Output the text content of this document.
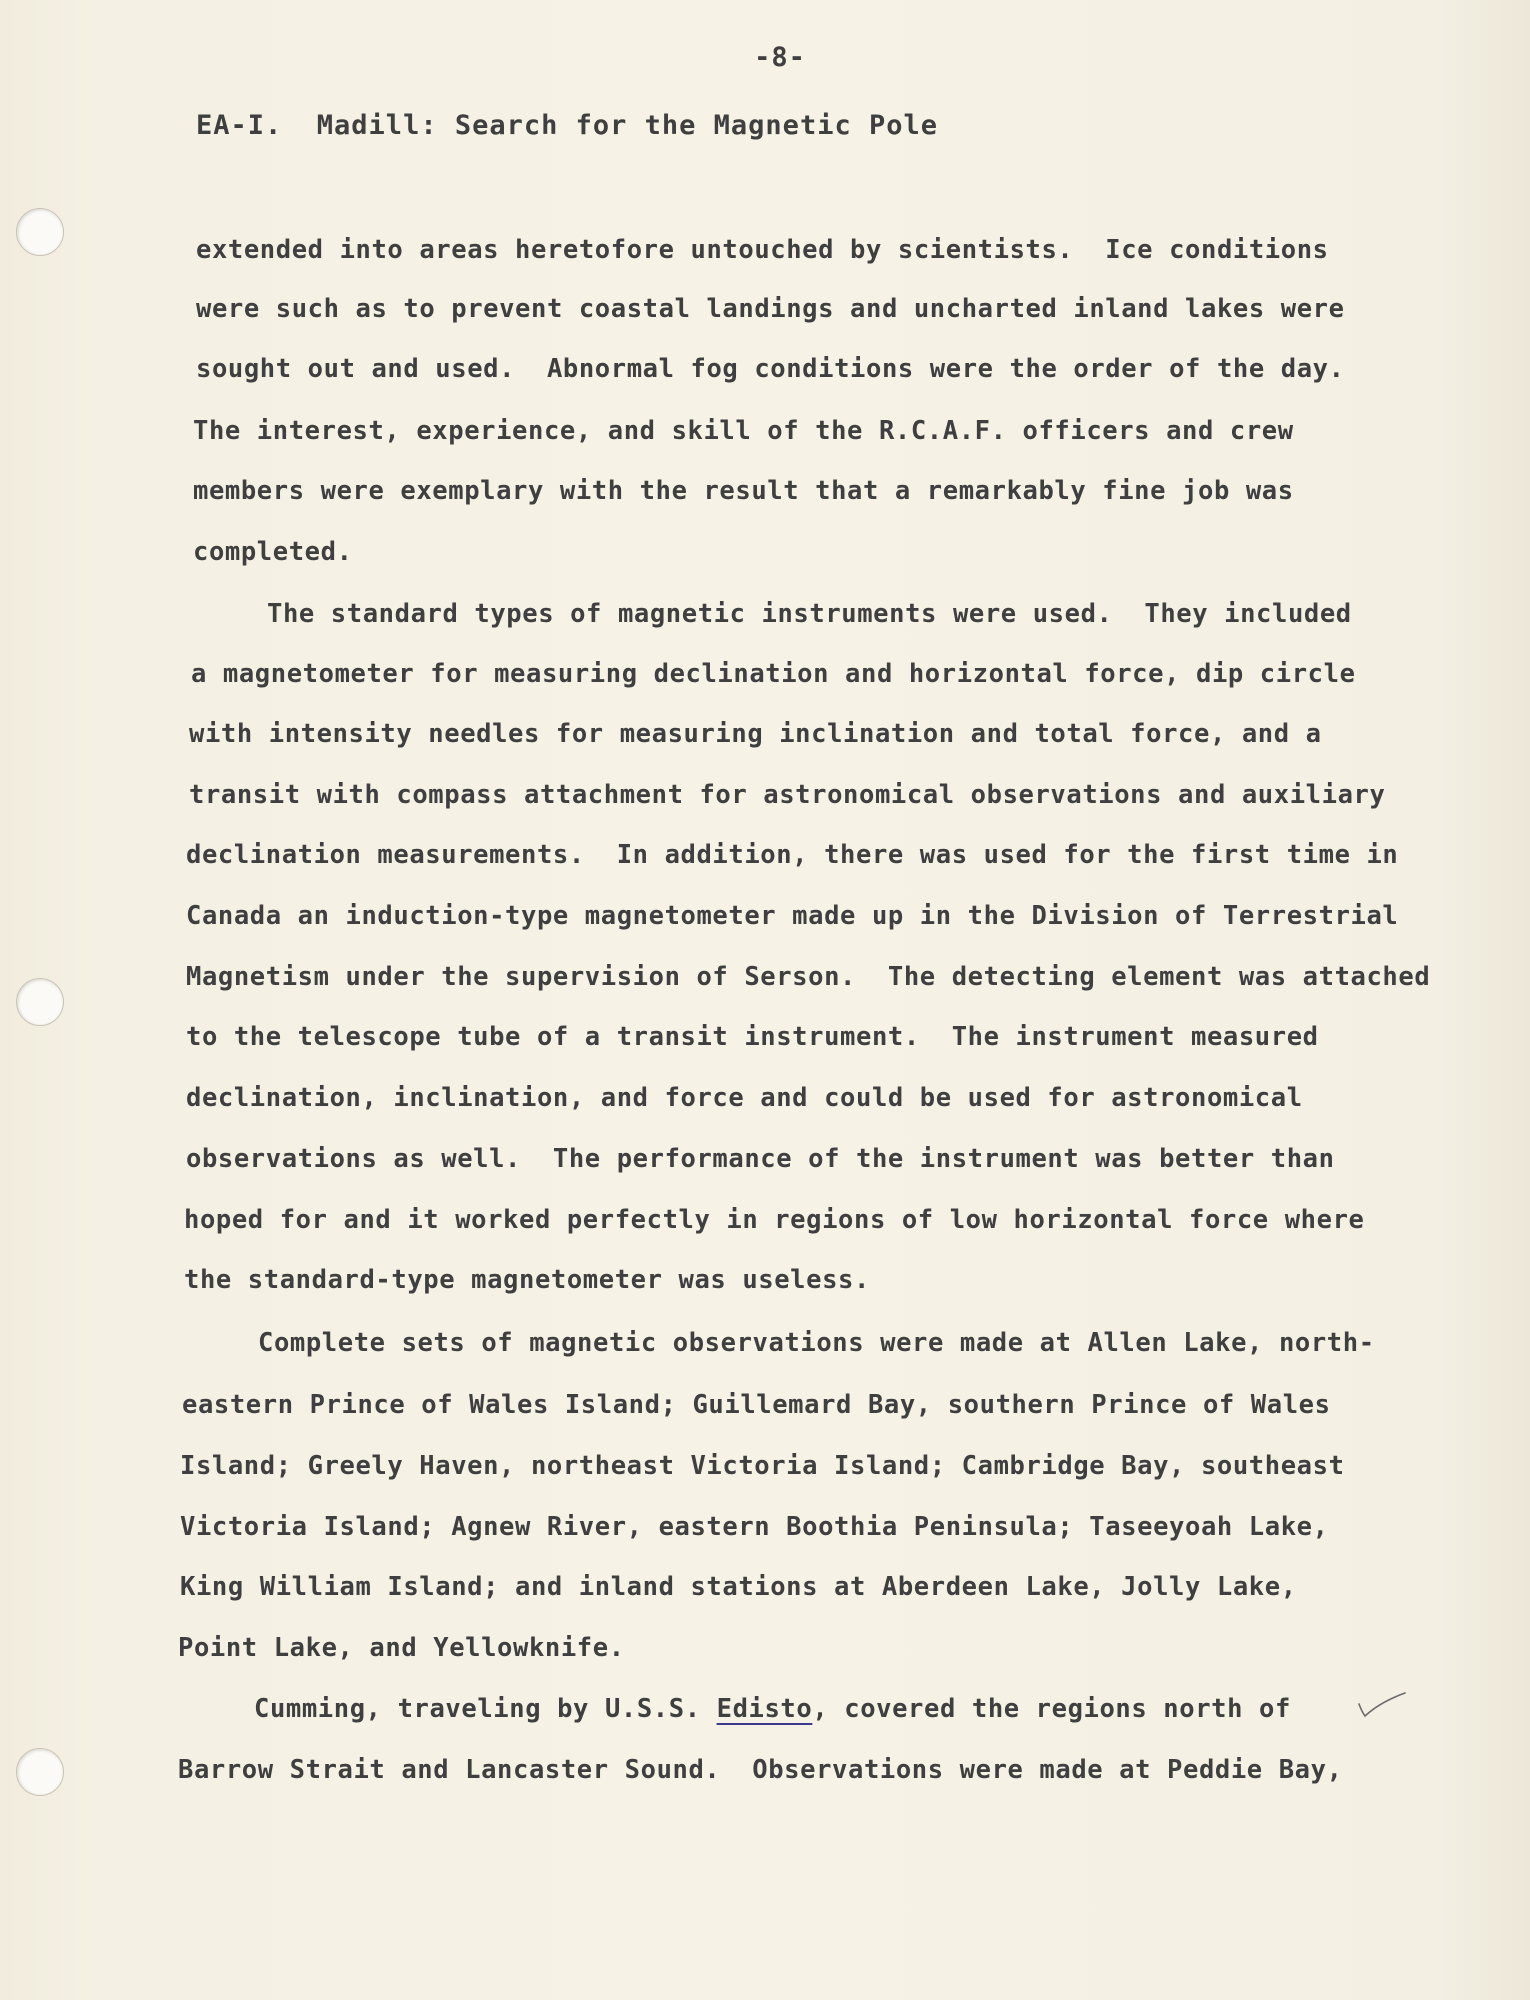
-8-
EA-I.  Madill: Search for the Magnetic Pole
extended into areas heretofore untouched by scientists.  Ice conditions
were such as to prevent coastal landings and uncharted inland lakes were
sought out and used.  Abnormal fog conditions were the order of the day.
The interest, experience, and skill of the R.C.A.F. officers and crew
members were exemplary with the result that a remarkably fine job was
completed.
The standard types of magnetic instruments were used.  They included
a magnetometer for measuring declination and horizontal force, dip circle
with intensity needles for measuring inclination and total force, and a
transit with compass attachment for astronomical observations and auxiliary
declination measurements.  In addition, there was used for the first time in
Canada an induction-type magnetometer made up in the Division of Terrestrial
Magnetism under the supervision of Serson.  The detecting element was attached
to the telescope tube of a transit instrument.  The instrument measured
declination, inclination, and force and could be used for astronomical
observations as well.  The performance of the instrument was better than
hoped for and it worked perfectly in regions of low horizontal force where
the standard-type magnetometer was useless.
Complete sets of magnetic observations were made at Allen Lake, north-
eastern Prince of Wales Island; Guillemard Bay, southern Prince of Wales
Island; Greely Haven, northeast Victoria Island; Cambridge Bay, southeast
Victoria Island; Agnew River, eastern Boothia Peninsula; Taseeyoah Lake,
King William Island; and inland stations at Aberdeen Lake, Jolly Lake,
Point Lake, and Yellowknife.
Cumming, traveling by U.S.S. Edisto, covered the regions north of
Barrow Strait and Lancaster Sound.  Observations were made at Peddie Bay,
